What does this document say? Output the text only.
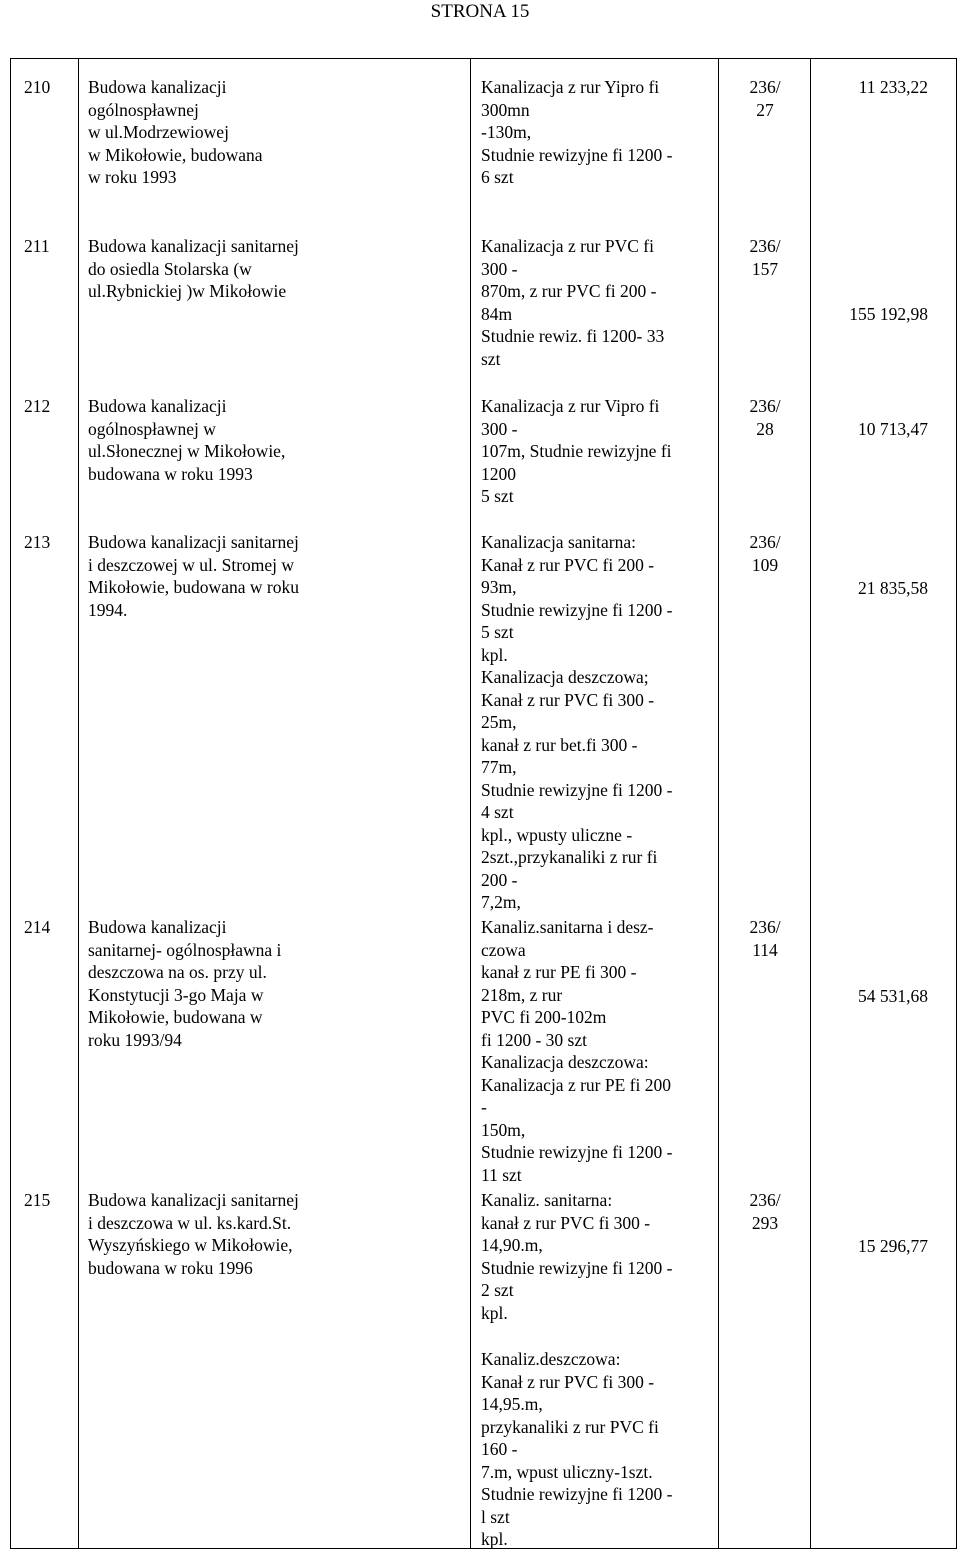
STRONA 15
210 Budowa kanalizacji
ogólnospławnej
w ul.Modrzewiowej
w Mikołowie, budowana
w roku 1993
Kanalizacja z rur Yipro fi
300mn
-130m,
Studnie rewizyjne fi 1200 -
6 szt
236/
27
11 233,22
211 Budowa kanalizacji sanitarnej
do osiedla Stolarska (w
ul.Rybnickiej )w Mikołowie
Kanalizacja z rur PVC fi
300 -
870m, z rur PVC fi 200 -
84m
Studnie rewiz. fi 1200- 33
szt
236/
157
155 192,98
212 Budowa kanalizacji
ogólnospławnej w
ul.Słonecznej w Mikołowie,
budowana w roku 1993
Kanalizacja z rur Vipro fi
300 -
107m, Studnie rewizyjne fi
1200
5 szt
236/
28	10 713,47
213 Budowa kanalizacji sanitarnej
i deszczowej w ul. Stromej w
Mikołowie, budowana w roku
1994.
Kanalizacja sanitarna:
Kanał z rur PVC fi 200 -
93m,
Studnie rewizyjne fi 1200 -
5 szt
kpl.
Kanalizacja deszczowa;
Kanał z rur PVC fi 300 -
25m,
kanał z rur bet.fi 300 -
77m,
Studnie rewizyjne fi 1200 -
4 szt
kpl., wpusty uliczne -
2szt.,przykanaliki z rur fi
200 -
7,2m,
236/
109
21 835,58
214 Budowa kanalizacji
sanitarnej- ogólnospławna i
deszczowa na os. przy ul.
Konstytucji 3-go Maja w
Mikołowie, budowana w
roku 1993/94
Kanaliz.sanitarna i desz-
czowa
kanał z rur PE fi 300 -
218m, z rur
PVC fi 200-102m
fi 1200 - 30 szt
Kanalizacja deszczowa:
Kanalizacja z rur PE fi 200
-
150m,
Studnie rewizyjne fi 1200 -
11 szt
236/
114
54 531,68
215 Budowa kanalizacji sanitarnej
i deszczowa w ul. ks.kard.St.
Wyszyńskiego w Mikołowie,
budowana w roku 1996
Kanaliz. sanitarna:
kanał z rur PVC fi 300 -
14,90.m,
Studnie rewizyjne fi 1200 -
2 szt
kpl.
Kanaliz.deszczowa:
Kanał z rur PVC fi 300 -
14,95.m,
przykanaliki z rur PVC fi
160 -
7.m, wpust uliczny-1szt.
Studnie rewizyjne fi 1200 -
l szt
kpl.
236/
293
15 296,77
